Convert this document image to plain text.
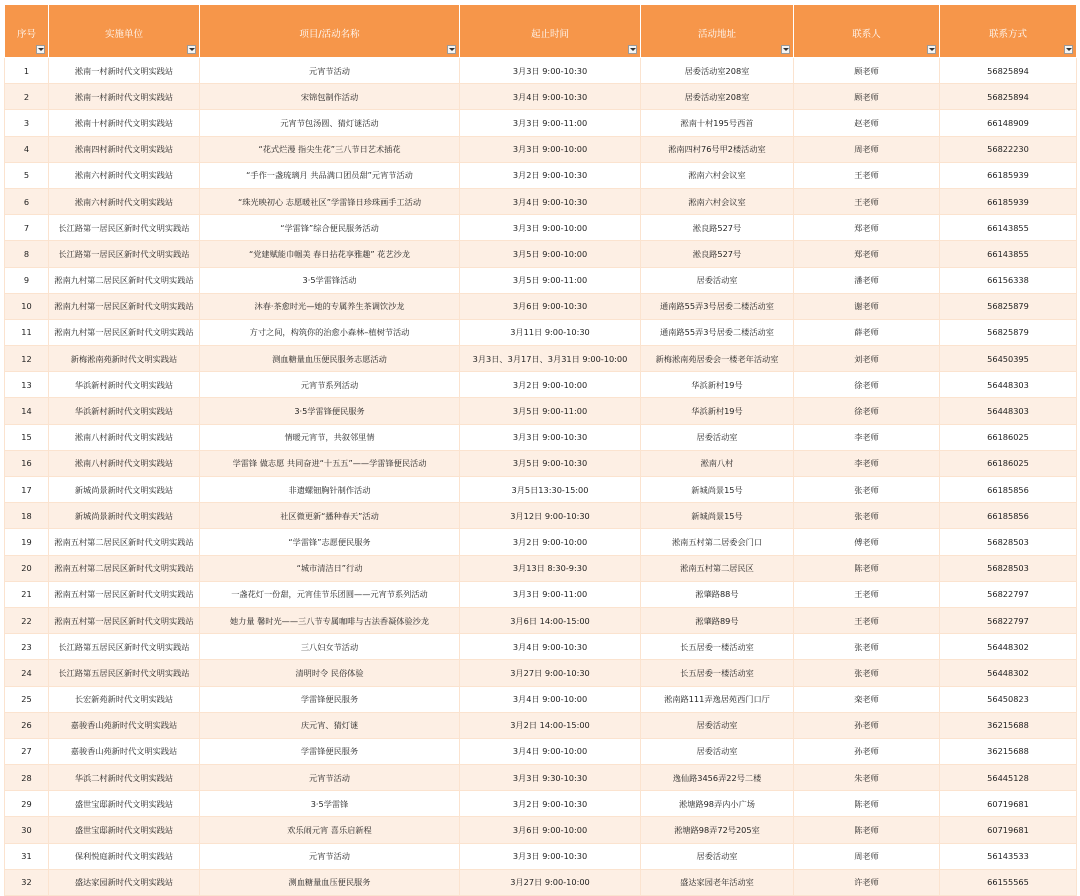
序号	实施单位	项目/活动名称	起止时间	活动地址	联系人	联系方式

1	淞南一村新时代文明实践站	元宵节活动	3月3日 9:00-10:30	居委活动室208室	顾老师	56825894
2	淞南一村新时代文明实践站	宋锦包制作活动	3月4日 9:00-10:30	居委活动室208室	顾老师	56825894
3	淞南十村新时代文明实践站	元宵节包汤圆、猜灯谜活动	3月3日 9:00-11:00	淞南十村195号西首	赵老师	66148909
4	淞南四村新时代文明实践站	“花式烂漫 指尖生花”三八节日艺术插花	3月3日 9:00-10:00	淞南四村76号甲2楼活动室	周老师	56822230
5	淞南六村新时代文明实践站	“手作一盏琉璃月 共品满口团员甜”元宵节活动	3月2日 9:00-10:30	淞南六村会议室	王老师	66185939
6	淞南六村新时代文明实践站	“珠光映初心 志愿暖社区”学雷锋日珍珠画手工活动	3月4日 9:00-10:30	淞南六村会议室	王老师	66185939
7	长江路第一居民区新时代文明实践站	“学雷锋”综合便民服务活动	3月3日 9:00-10:00	淞良路527号	郑老师	66143855
8	长江路第一居民区新时代文明实践站	“党建赋能巾帼美 春日拈花享雅趣” 花艺沙龙	3月5日 9:00-10:00	淞良路527号	郑老师	66143855
9	淞南九村第二居民区新时代文明实践站	3·5学雷锋活动	3月5日 9:00-11:00	居委活动室	潘老师	66156338
10	淞南九村第一居民区新时代文明实践站	沐春·茶愈时光—她的专属养生茶调饮沙龙	3月6日 9:00-10:30	通南路55弄3号居委二楼活动室	谢老师	56825879
11	淞南九村第一居民区新时代文明实践站	方寸之间，构筑你的治愈小森林–植树节活动	3月11日 9:00-10:30	通南路55弄3号居委二楼活动室	薛老师	56825879
12	新梅淞南苑新时代文明实践站	测血糖量血压便民服务志愿活动	3月3日、3月17日、3月31日 9:00-10:00	新梅淞南苑居委会一楼老年活动室	刘老师	56450395
13	华浜新村新时代文明实践站	元宵节系列活动	3月2日 9:00-10:00	华浜新村19号	徐老师	56448303
14	华浜新村新时代文明实践站	3·5学雷锋便民服务	3月5日 9:00-11:00	华浜新村19号	徐老师	56448303
15	淞南八村新时代文明实践站	情暖元宵节，共叙邻里情	3月3日 9:00-10:30	居委活动室	李老师	66186025
16	淞南八村新时代文明实践站	学雷锋 做志愿 共同奋进“十五五”——学雷锋便民活动	3月5日 9:00-10:30	淞南八村	李老师	66186025
17	新城尚景新时代文明实践站	非遗螺钿胸针制作活动	3月5日13:30-15:00	新城尚景15号	张老师	66185856
18	新城尚景新时代文明实践站	社区微更新“播种春天”活动	3月12日 9:00-10:30	新城尚景15号	张老师	66185856
19	淞南五村第二居民区新时代文明实践站	“学雷锋”志愿便民服务	3月2日 9:00-10:00	淞南五村第二居委会门口	傅老师	56828503
20	淞南五村第二居民区新时代文明实践站	“城市清洁日”行动	3月13日 8:30-9:30	淞南五村第二居民区	陈老师	56828503
21	淞南五村第一居民区新时代文明实践站	一盏花灯一份甜，元宵佳节乐团圆——元宵节系列活动	3月3日 9:00-11:00	淞肇路88号	王老师	56822797
22	淞南五村第一居民区新时代文明实践站	她力量 馨时光——三八节专属咖啡与古法香凝体验沙龙	3月6日 14:00-15:00	淞肇路89号	王老师	56822797
23	长江路第五居民区新时代文明实践站	三八妇女节活动	3月4日 9:00-10:30	长五居委一楼活动室	张老师	56448302
24	长江路第五居民区新时代文明实践站	清明时令 民俗体验	3月27日 9:00-10:30	长五居委一楼活动室	张老师	56448302
25	长宏新苑新时代文明实践站	学雷锋便民服务	3月4日 9:00-10:00	淞南路111弄逸居苑西门口厅	栾老师	56450823
26	嘉骏香山苑新时代文明实践站	庆元宵、猜灯谜	3月2日 14:00-15:00	居委活动室	孙老师	36215688
27	嘉骏香山苑新时代文明实践站	学雷锋便民服务	3月4日 9:00-10:00	居委活动室	孙老师	36215688
28	华浜二村新时代文明实践站	元宵节活动	3月3日 9:30-10:30	逸仙路3456弄22号二楼	朱老师	56445128
29	盛世宝邸新时代文明实践站	3·5学雷锋	3月2日 9:00-10:30	淞塘路98弄内小广场	陈老师	60719681
30	盛世宝邸新时代文明实践站	欢乐闹元宵 喜乐启新程	3月6日 9:00-10:00	淞塘路98弄72号205室	陈老师	60719681
31	保利悦庭新时代文明实践站	元宵节活动	3月3日 9:00-10:30	居委活动室	周老师	56143533
32	盛达家园新时代文明实践站	测血糖量血压便民服务	3月27日 9:00-10:00	盛达家园老年活动室	许老师	66155565
